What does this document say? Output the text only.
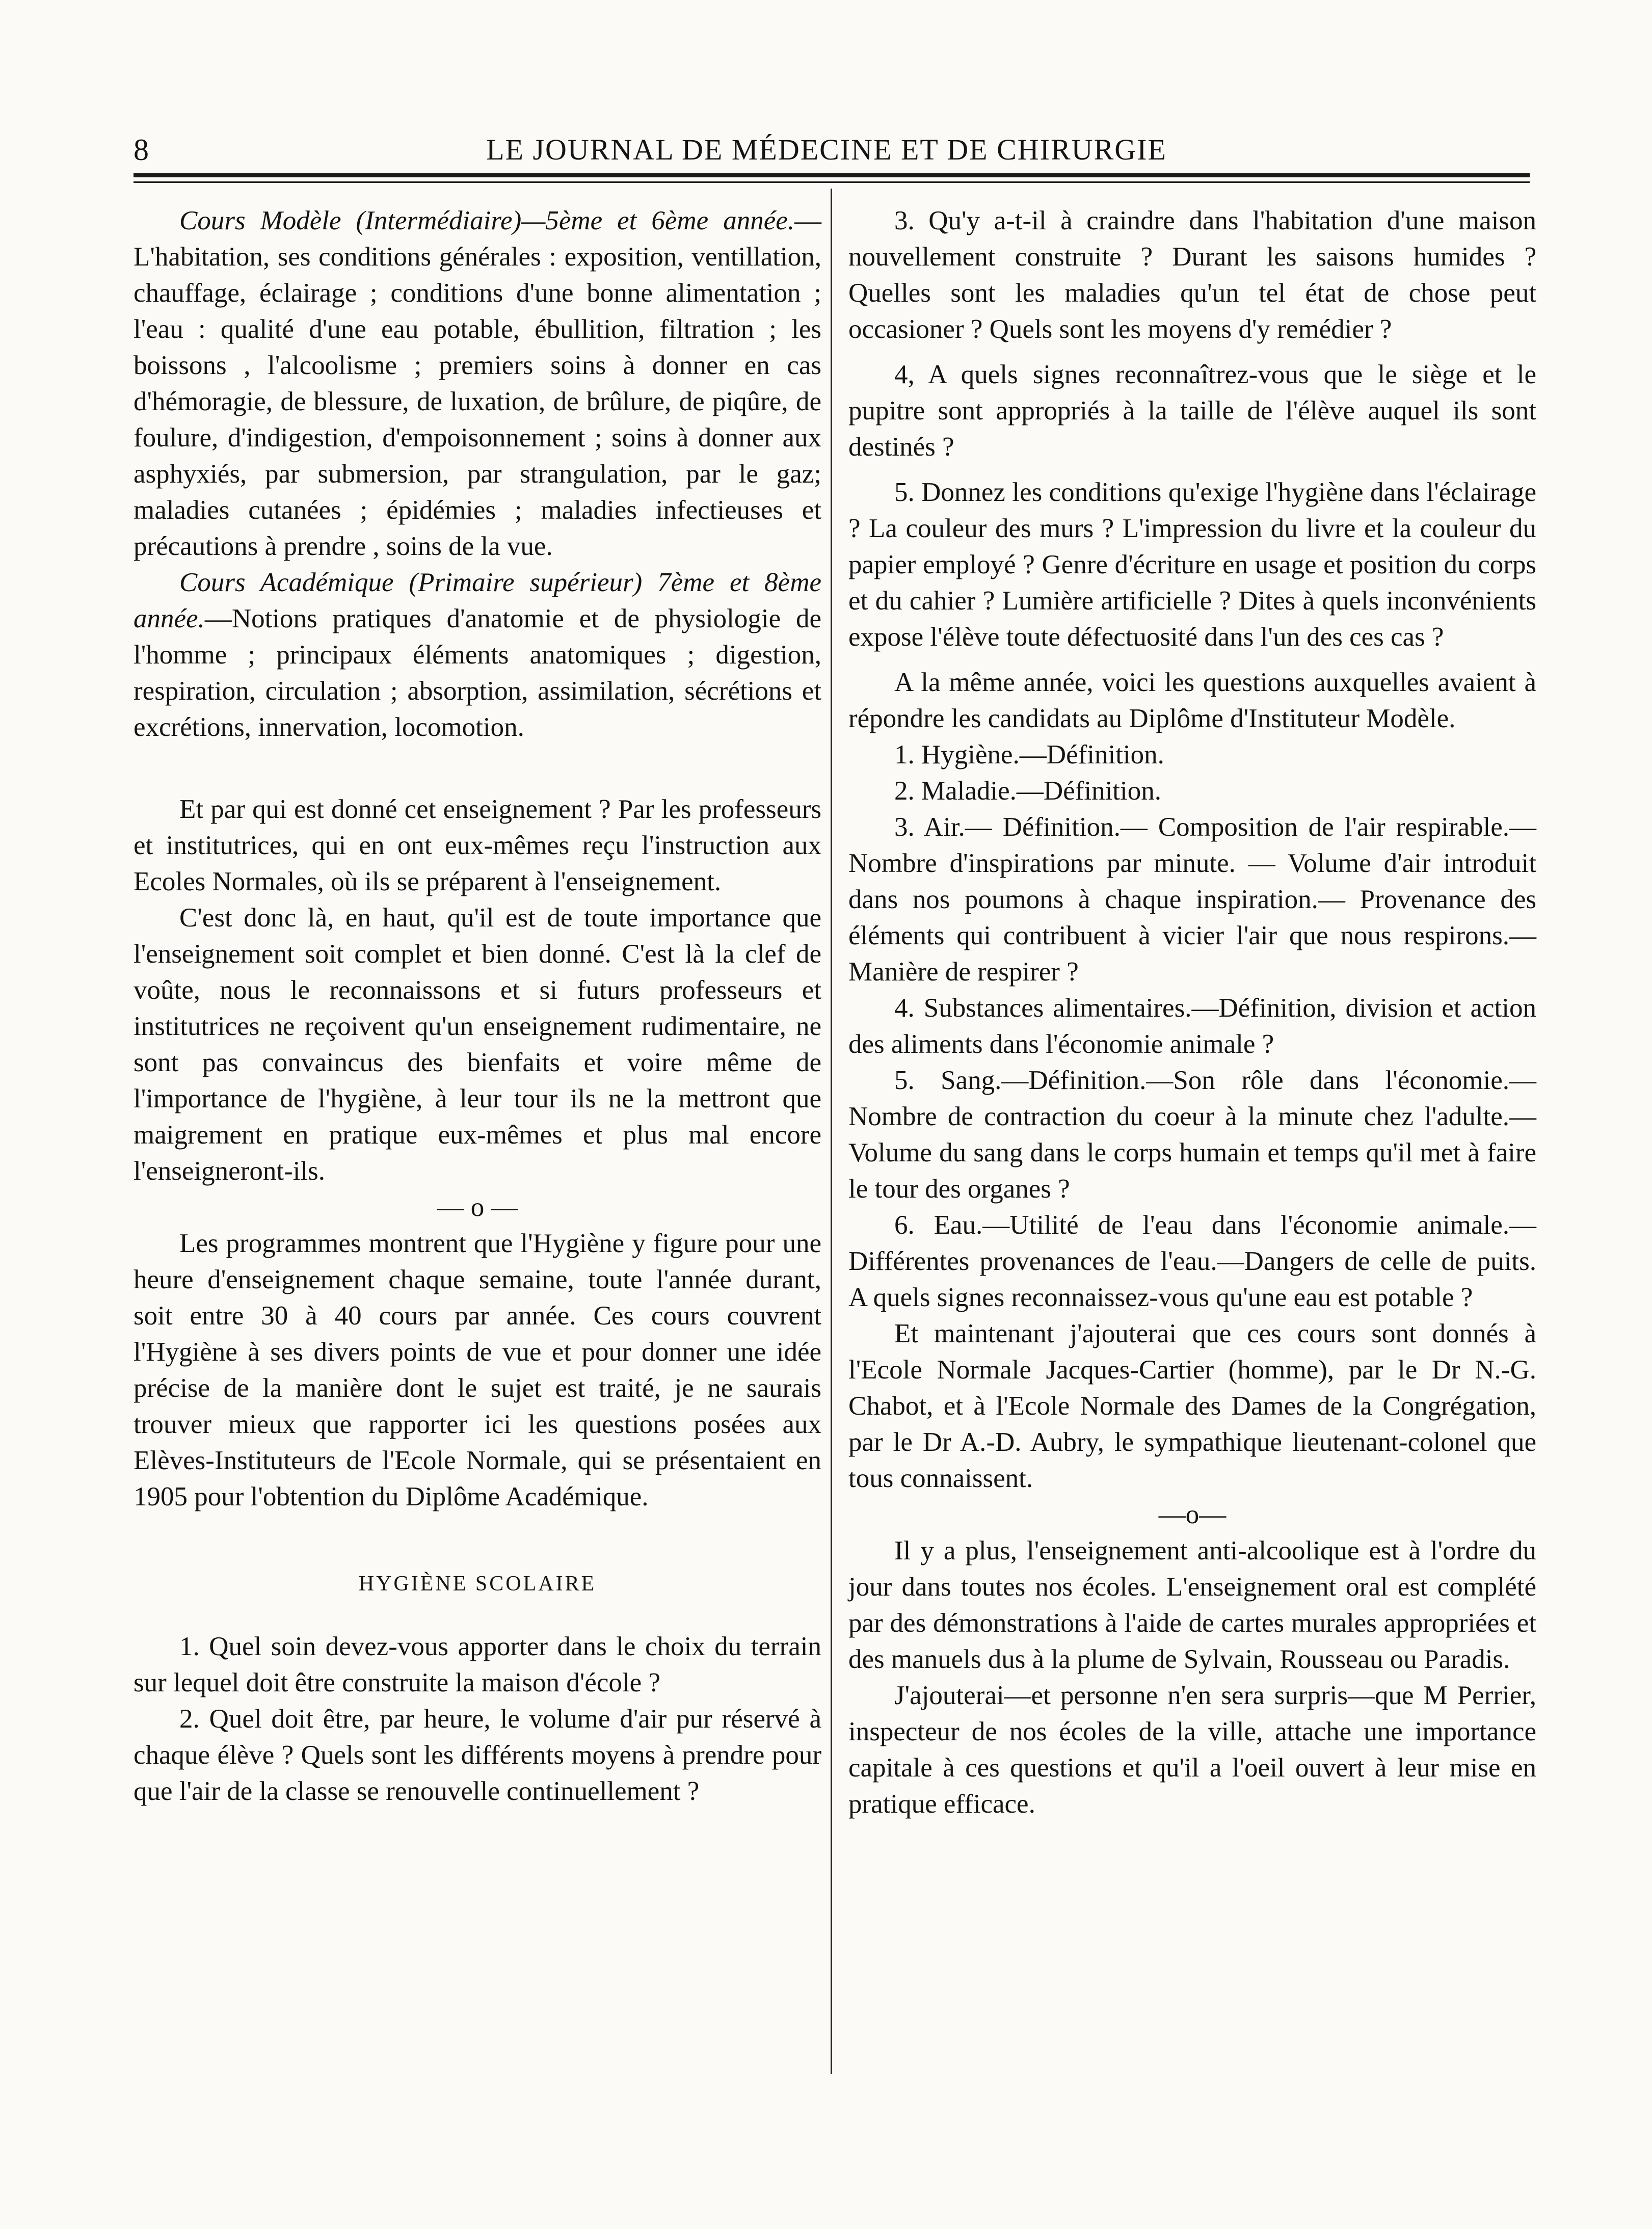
8	LE JOURNAL DE MÉDECINE ET DE CHIRURGIE

Cours Modèle (Intermédiaire)—5ème et 6ème année.—L'habitation, ses conditions générales : exposition, ventillation, chauffage, éclairage ; conditions d'une bonne alimentation ; l'eau : qualité d'une eau potable, ébullition, filtration ; les boissons , l'alcoolisme ; premiers soins à donner en cas d'hémoragie, de blessure, de luxation, de brûlure, de piqûre, de foulure, d'indigestion, d'empoisonnement ; soins à donner aux asphyxiés, par submersion, par strangulation, par le gaz; maladies cutanées ; épidémies ; maladies infectieuses et précautions à prendre , soins de la vue.

Cours Académique (Primaire supérieur) 7ème et 8ème année.—Notions pratiques d'anatomie et de physiologie de l'homme ; principaux éléments anatomiques ; digestion, respiration, circulation ; absorption, assimilation, sécrétions et excrétions, innervation, locomotion.

Et par qui est donné cet enseignement ? Par les professeurs et institutrices, qui en ont eux-mêmes reçu l'instruction aux Ecoles Normales, où ils se préparent à l'enseignement.

C'est donc là, en haut, qu'il est de toute importance que l'enseignement soit complet et bien donné. C'est là la clef de voûte, nous le reconnaissons et si futurs professeurs et institutrices ne reçoivent qu'un enseignement rudimentaire, ne sont pas convaincus des bienfaits et voire même de l'importance de l'hygiène, à leur tour ils ne la mettront que maigrement en pratique eux-mêmes et plus mal encore l'enseigneront-ils.

— o —

Les programmes montrent que l'Hygiène y figure pour une heure d'enseignement chaque semaine, toute l'année durant, soit entre 30 à 40 cours par année. Ces cours couvrent l'Hygiène à ses divers points de vue et pour donner une idée précise de la manière dont le sujet est traité, je ne saurais trouver mieux que rapporter ici les questions posées aux Elèves-Instituteurs de l'Ecole Normale, qui se présentaient en 1905 pour l'obtention du Diplôme Académique.

HYGIÈNE SCOLAIRE

1. Quel soin devez-vous apporter dans le choix du terrain sur lequel doit être construite la maison d'école ?
2. Quel doit être, par heure, le volume d'air pur réservé à chaque élève ? Quels sont les différents moyens à prendre pour que l'air de la classe se renouvelle continuellement ?
3. Qu'y a-t-il à craindre dans l'habitation d'une maison nouvellement construite ? Durant les saisons humides ? Quelles sont les maladies qu'un tel état de chose peut occasioner ? Quels sont les moyens d'y remédier ?
4, A quels signes reconnaîtrez-vous que le siège et le pupitre sont appropriés à la taille de l'élève auquel ils sont destinés ?
5. Donnez les conditions qu'exige l'hygiène dans l'éclairage ? La couleur des murs ? L'impression du livre et la couleur du papier employé ? Genre d'écriture en usage et position du corps et du cahier ? Lumière artificielle ? Dites à quels inconvénients expose l'élève toute défectuosité dans l'un des ces cas ?

A la même année, voici les questions auxquelles avaient à répondre les candidats au Diplôme d'Instituteur Modèle.

1. Hygiène.—Définition.
2. Maladie.—Définition.
3. Air.— Définition.— Composition de l'air respirable.— Nombre d'inspirations par minute. — Volume d'air introduit dans nos poumons à chaque inspiration.— Provenance des éléments qui contribuent à vicier l'air que nous respirons.—Manière de respirer ?
4. Substances alimentaires.—Définition, division et action des aliments dans l'économie animale ?
5. Sang.—Définition.—Son rôle dans l'économie.— Nombre de contraction du coeur à la minute chez l'adulte.—Volume du sang dans le corps humain et temps qu'il met à faire le tour des organes ?
6. Eau.—Utilité de l'eau dans l'économie animale.— Différentes provenances de l'eau.—Dangers de celle de puits. A quels signes reconnaissez-vous qu'une eau est potable ?

Et maintenant j'ajouterai que ces cours sont donnés à l'Ecole Normale Jacques-Cartier (homme), par le Dr N.-G. Chabot, et à l'Ecole Normale des Dames de la Congrégation, par le Dr A.-D. Aubry, le sympathique lieutenant-colonel que tous connaissent.

—o—

Il y a plus, l'enseignement anti-alcoolique est à l'ordre du jour dans toutes nos écoles. L'enseignement oral est complété par des démonstrations à l'aide de cartes murales appropriées et des manuels dus à la plume de Sylvain, Rousseau ou Paradis.

J'ajouterai—et personne n'en sera surpris—que M Perrier, inspecteur de nos écoles de la ville, attache une importance capitale à ces questions et qu'il a l'oeil ouvert à leur mise en pratique efficace.
